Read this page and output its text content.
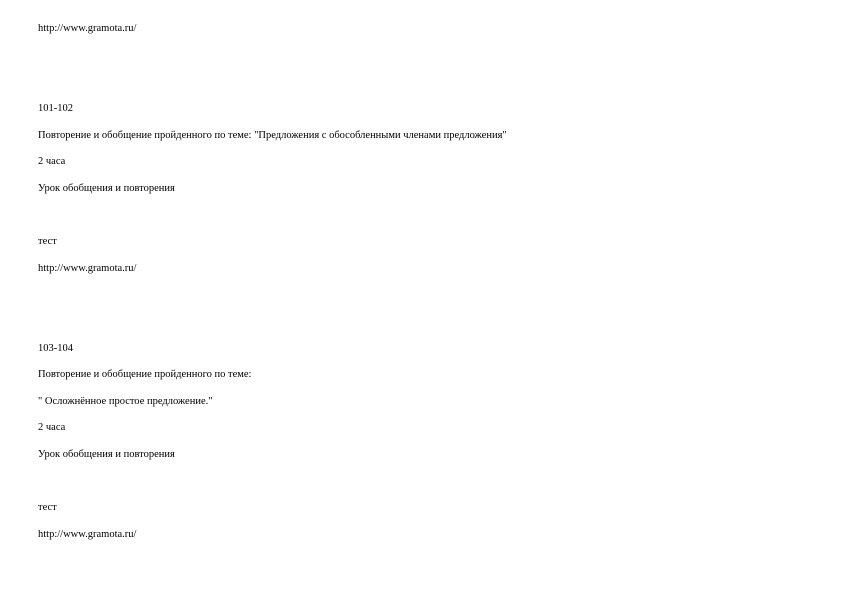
http://www.gramota.ru/
101-102
Повторение и обобщение пройденного по теме: "Предложения с обособленными членами предложения"
2 часа
Урок обобщения и повторения
тест
http://www.gramota.ru/
103-104
Повторение и обобщение пройденного по теме:
" Осложнённое простое предложение."
2 часа
Урок обобщения и повторения
тест
http://www.gramota.ru/
